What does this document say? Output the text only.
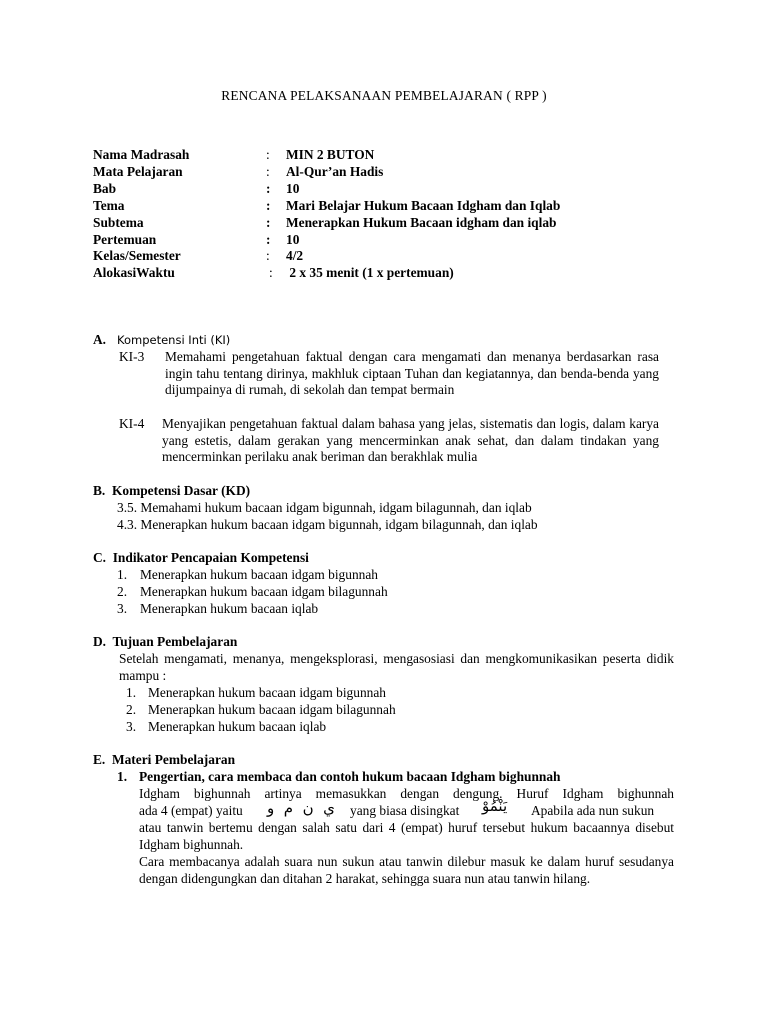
RENCANA PELAKSANAAN PEMBELAJARAN ( RPP )
Nama Madrasah	: MIN 2 BUTON
Mata Pelajaran	: Al-Qur’an Hadis
Bab	: 10
Tema	: Mari Belajar Hukum Bacaan Idgham dan Iqlab
Subtema	: Menerapkan Hukum Bacaan idgham dan iqlab
Pertemuan	: 10
Kelas/Semester	: 4/2
AlokasiWaktu	: 2 x 35 menit (1 x pertemuan)
A. Kompetensi Inti (KI)
KI-3 Memahami pengetahuan faktual dengan cara mengamati dan menanya berdasarkan rasa ingin tahu tentang dirinya, makhluk ciptaan Tuhan dan kegiatannya, dan benda-benda yang dijumpainya di rumah, di sekolah dan tempat bermain
KI-4 Menyajikan pengetahuan faktual dalam bahasa yang jelas, sistematis dan logis, dalam karya yang estetis, dalam gerakan yang mencerminkan anak sehat, dan dalam tindakan yang mencerminkan perilaku anak beriman dan berakhlak mulia
B.  Kompetensi Dasar (KD)
3.5. Memahami hukum bacaan idgam bigunnah, idgam bilagunnah, dan iqlab
4.3. Menerapkan hukum bacaan idgam bigunnah, idgam bilagunnah, dan iqlab
C.  Indikator Pencapaian Kompetensi
1. Menerapkan hukum bacaan idgam bigunnah
2. Menerapkan hukum bacaan idgam bilagunnah
3. Menerapkan hukum bacaan iqlab
D.  Tujuan Pembelajaran
Setelah mengamati, menanya, mengeksplorasi, mengasosiasi dan mengkomunikasikan peserta didik mampu :
1. Menerapkan hukum bacaan idgam bigunnah
2. Menerapkan hukum bacaan idgam bilagunnah
3. Menerapkan hukum bacaan iqlab
E.  Materi Pembelajaran
1. Pengertian, cara membaca dan contoh hukum bacaan Idgham bighunnah
Idgham bighunnah artinya memasukkan dengan dengung. Huruf Idgham bighunnah
ada 4 (empat) yaitu ي  ن  م  و yang biasa disingkat يَنْمُوْ Apabila ada nun sukun
atau tanwin bertemu dengan salah satu dari 4 (empat) huruf tersebut hukum bacaannya disebut Idgham bighunnah.
Cara membacanya adalah suara nun sukun atau tanwin dilebur masuk ke dalam huruf sesudanya dengan didengungkan dan ditahan 2 harakat, sehingga suara nun atau tanwin hilang.
